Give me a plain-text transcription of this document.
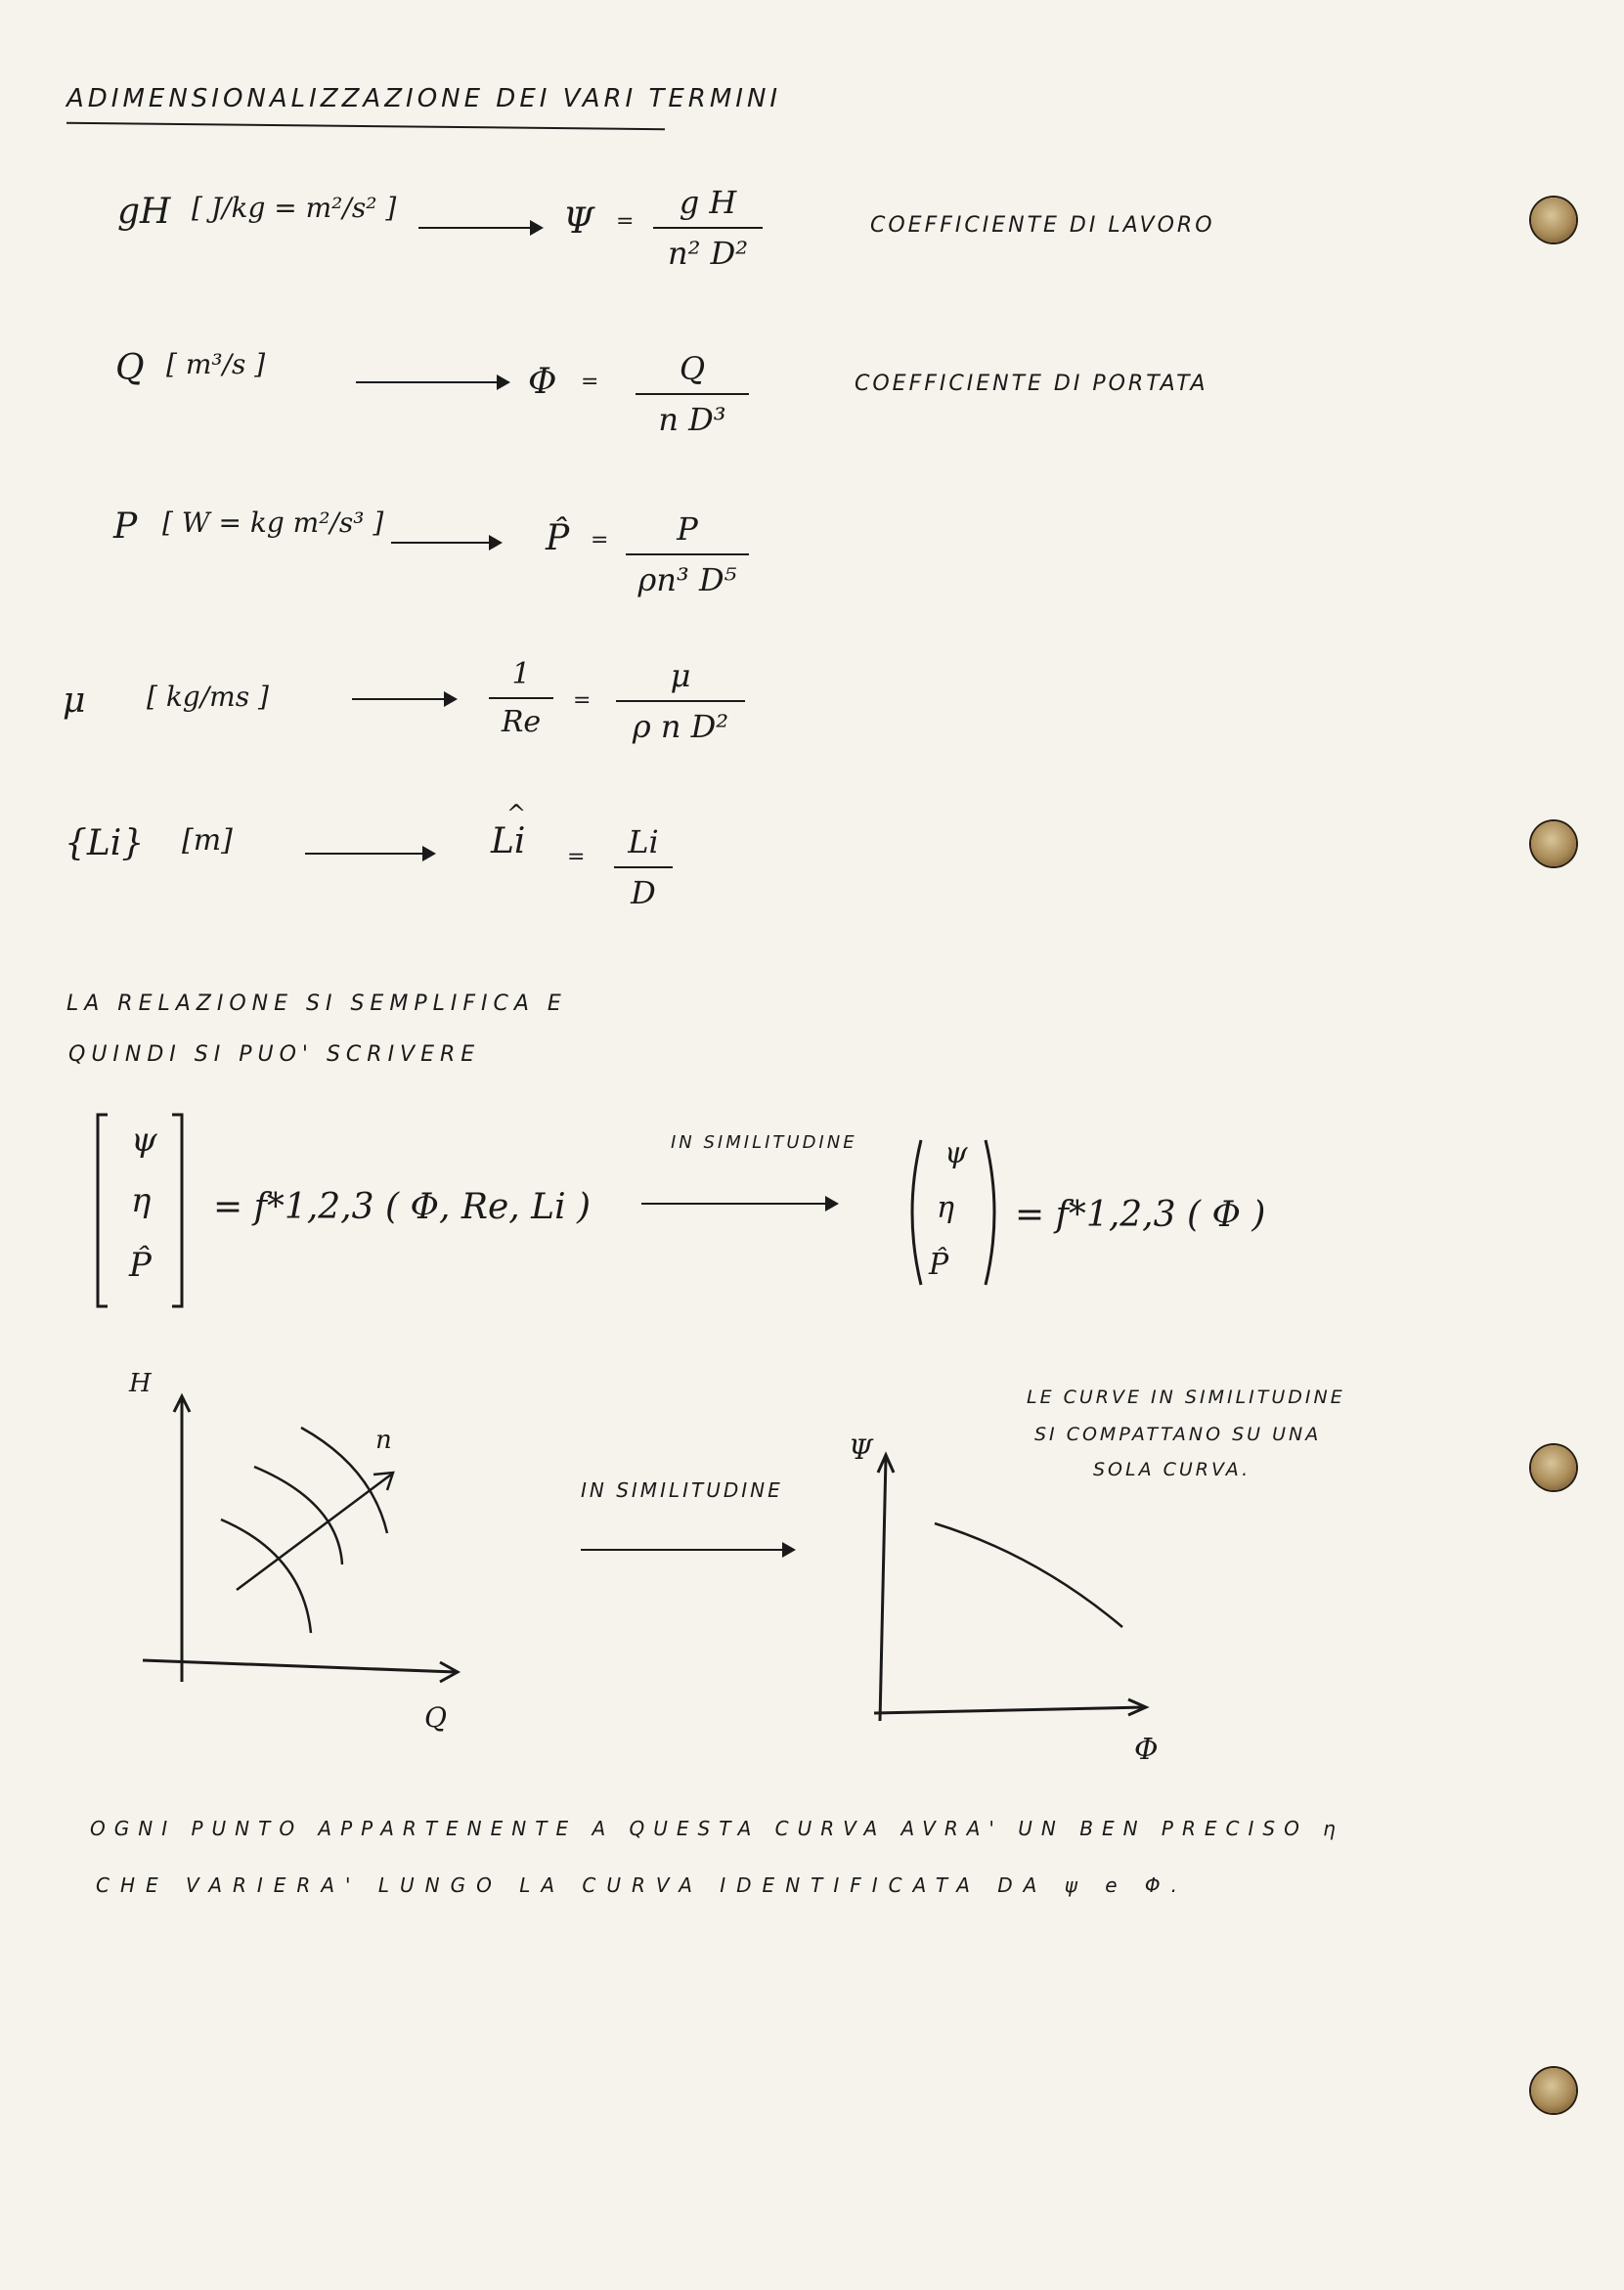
ADIMENSIONALIZZAZIONE DEI VARI TERMINI
gH [ J/kg = m²/s² ]	Ψ =
g H
n² D²
COEFFICIENTE DI LAVORO
Q [ m³/s ]	Φ =	Q
n D³
COEFFICIENTE DI PORTATA
P [ W = kg m²/s³ ]	P̂ = P
ρn³ D⁵
μ [ kg/ms ]
1
Re
=
μ
ρ n D²
{Li} [m]	Li
^
= Li
D
LA RELAZIONE SI SEMPLIFICA E
QUINDI SI PUO' SCRIVERE
ψ
η
P̂
= f*1,2,3 ( Φ, Re, Li )
IN SIMILITUDINE	ψ
η
P̂
= f*1,2,3 ( Φ )
H
Q
n
IN SIMILITUDINE
Ψ
Φ
LE CURVE IN SIMILITUDINE
SI COMPATTANO SU UNA
SOLA CURVA.
OGNI PUNTO APPARTENENTE A QUESTA CURVA AVRA' UN BEN PRECISO η
CHE VARIERA' LUNGO LA CURVA IDENTIFICATA DA ψ e Φ.
